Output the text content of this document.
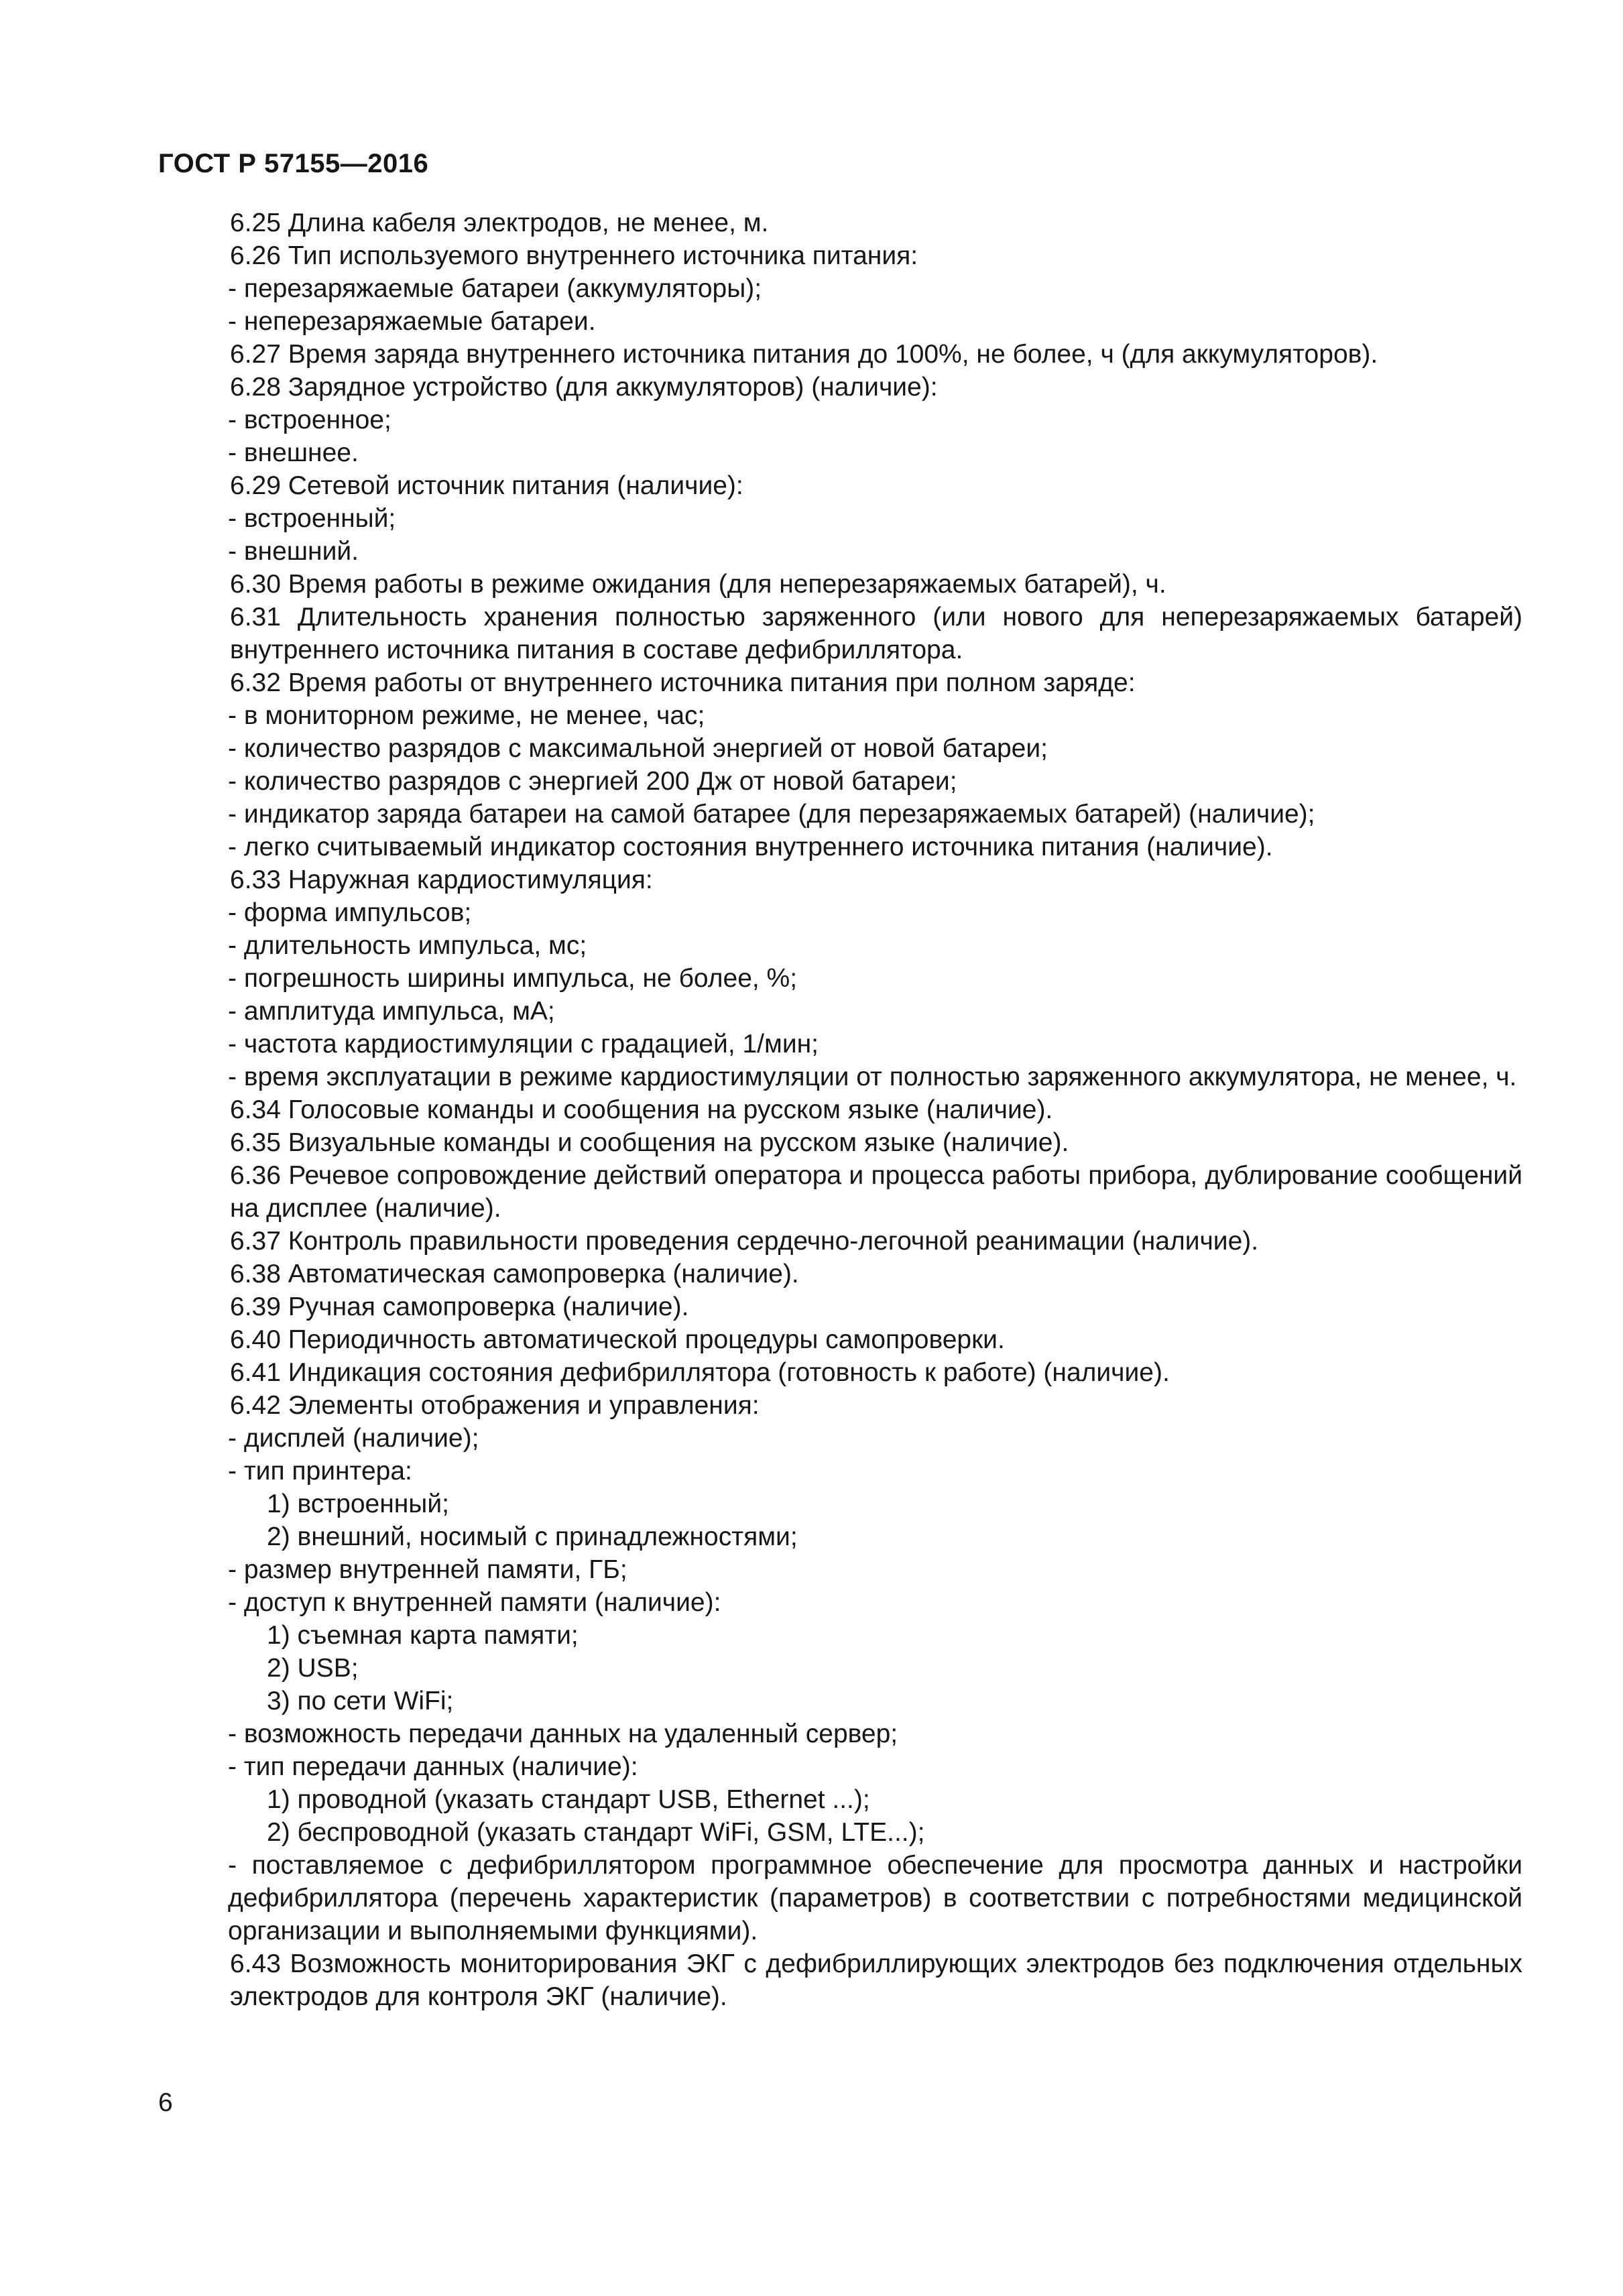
ГОСТ Р 57155—2016

6.25 Длина кабеля электродов, не менее, м.

6.26 Тип используемого внутреннего источника питания:

- перезаряжаемые батареи (аккумуляторы);

- неперезаряжаемые батареи.

6.27 Время заряда внутреннего источника питания до 100%, не более, ч (для аккумуляторов).

6.28 Зарядное устройство (для аккумуляторов) (наличие):

- встроенное;

- внешнее.

6.29 Сетевой источник питания (наличие):

- встроенный;

- внешний.

6.30 Время работы в режиме ожидания (для неперезаряжаемых батарей), ч.

6.31 Длительность хранения полностью заряженного (или нового для неперезаряжаемых батарей) внутреннего источника питания в составе дефибриллятора.

6.32 Время работы от внутреннего источника питания при полном заряде:

- в мониторном режиме, не менее, час;

- количество разрядов с максимальной энергией от новой батареи;

- количество разрядов с энергией 200 Дж от новой батареи;

- индикатор заряда батареи на самой батарее (для перезаряжаемых батарей) (наличие);

- легко считываемый индикатор состояния внутреннего источника питания (наличие).

6.33 Наружная кардиостимуляция:

- форма импульсов;

- длительность импульса, мс;

- погрешность ширины импульса, не более, %;

- амплитуда импульса, мА;

- частота кардиостимуляции с градацией, 1/мин;

- время эксплуатации в режиме кардиостимуляции от полностью заряженного аккумулятора, не менее, ч.

6.34 Голосовые команды и сообщения на русском языке (наличие).

6.35 Визуальные команды и сообщения на русском языке (наличие).

6.36 Речевое сопровождение действий оператора и процесса работы прибора, дублирование сообщений на дисплее (наличие).

6.37 Контроль правильности проведения сердечно-легочной реанимации (наличие).

6.38 Автоматическая самопроверка (наличие).

6.39 Ручная самопроверка (наличие).

6.40 Периодичность автоматической процедуры самопроверки.

6.41 Индикация состояния дефибриллятора (готовность к работе) (наличие).

6.42 Элементы отображения и управления:

- дисплей (наличие);

- тип принтера:

1) встроенный;

2) внешний, носимый с принадлежностями;

- размер внутренней памяти, ГБ;

- доступ к внутренней памяти (наличие):

1) съемная карта памяти;

2) USB;

3) по сети WiFi;

- возможность передачи данных на удаленный сервер;

- тип передачи данных (наличие):

1) проводной (указать стандарт USB, Ethernet ...);

2) беспроводной (указать стандарт WiFi, GSM, LTE...);

- поставляемое с дефибриллятором программное обеспечение для просмотра данных и настройки дефибриллятора (перечень характеристик (параметров) в соответствии с потребностями медицинской организации и выполняемыми функциями).

6.43 Возможность мониторирования ЭКГ с дефибриллирующих электродов без подключения отдельных электродов для контроля ЭКГ (наличие).

6
